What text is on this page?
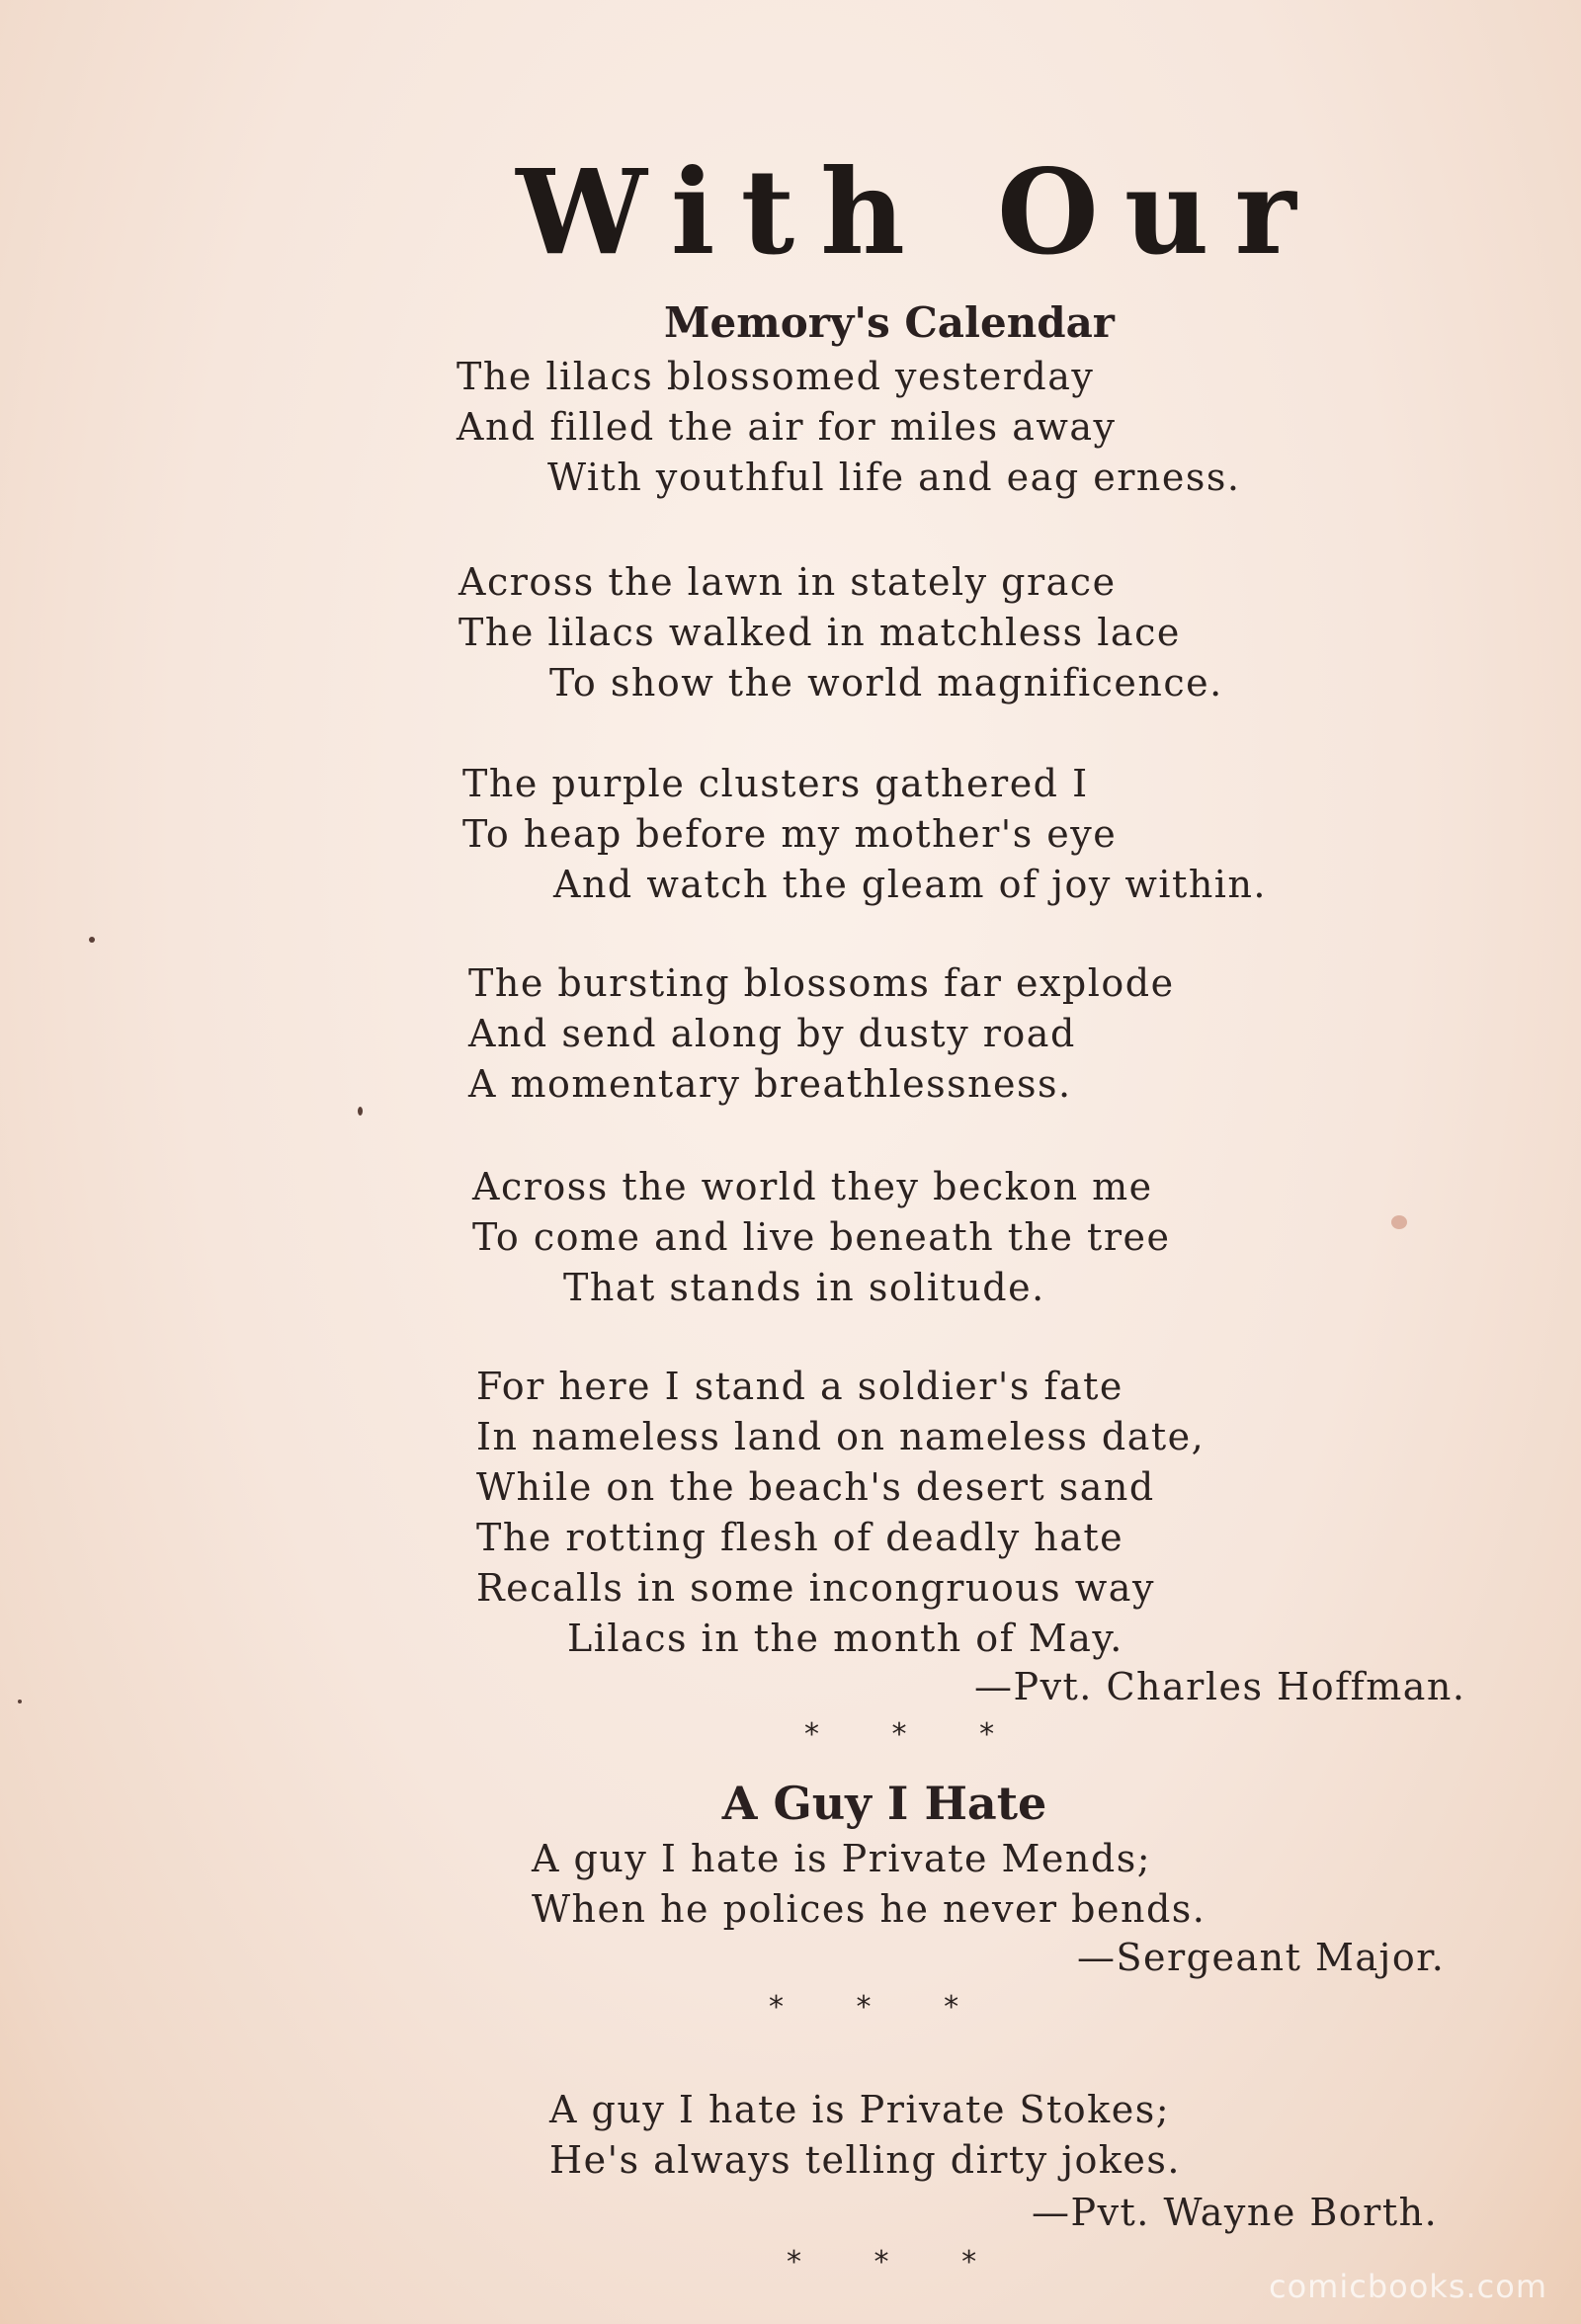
With Our
Memory's Calendar
The lilacs blossomed yesterday
And filled the air for miles away
With youthful life and eag erness.
Across the lawn in stately grace
The lilacs walked in matchless lace
To show the world magnificence.
The purple clusters gathered I
To heap before my mother's eye
And watch the gleam of joy within.
The bursting blossoms far explode
And send along by dusty road
A momentary breathlessness.
Across the world they beckon me
To come and live beneath the tree
That stands in solitude.
For here I stand a soldier's fate
In nameless land on nameless date,
While on the beach's desert sand
The rotting flesh of deadly hate
Recalls in some incongruous way
Lilacs in the month of May.
—Pvt. Charles Hoffman.
* * *
A Guy I Hate
A guy I hate is Private Mends;
When he polices he never bends.
—Sergeant Major.
* * *
A guy I hate is Private Stokes;
He's always telling dirty jokes.
—Pvt. Wayne Borth.
* * *
comicbooks.com
